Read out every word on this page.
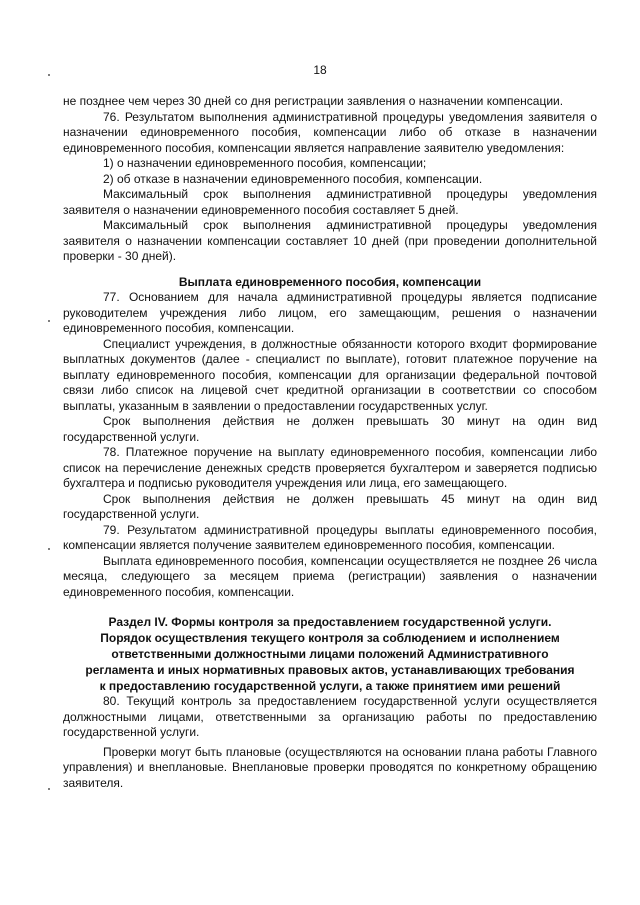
18

не позднее чем через 30 дней со дня регистрации заявления о назначении компенсации.

76. Результатом выполнения административной процедуры уведомления заявителя о назначении единовременного пособия, компенсации либо об отказе в назначении единовременного пособия, компенсации является направление заявителю уведомления:

1) о назначении единовременного пособия, компенсации;

2) об отказе в назначении единовременного пособия, компенсации.

Максимальный срок выполнения административной процедуры уведомления заявителя о назначении единовременного пособия составляет 5 дней.

Максимальный срок выполнения административной процедуры уведомления заявителя о назначении компенсации составляет 10 дней (при проведении дополнительной проверки - 30 дней).

Выплата единовременного пособия, компенсации

77. Основанием для начала административной процедуры является подписание руководителем учреждения либо лицом, его замещающим, решения о назначении единовременного пособия, компенсации.

Специалист учреждения, в должностные обязанности которого входит формирование выплатных документов (далее - специалист по выплате), готовит платежное поручение на выплату единовременного пособия, компенсации для организации федеральной почтовой связи либо список на лицевой счет кредитной организации в соответствии со способом выплаты, указанным в заявлении о предоставлении государственных услуг.

Срок выполнения действия не должен превышать 30 минут на один вид государственной услуги.

78. Платежное поручение на выплату единовременного пособия, компенсации либо список на перечисление денежных средств проверяется бухгалтером и заверяется подписью бухгалтера и подписью руководителя учреждения или лица, его замещающего.

Срок выполнения действия не должен превышать 45 минут на один вид государственной услуги.

79. Результатом административной процедуры выплаты единовременного пособия, компенсации является получение заявителем единовременного пособия, компенсации.

Выплата единовременного пособия, компенсации осуществляется не позднее 26 числа месяца, следующего за месяцем приема (регистрации) заявления о назначении единовременного пособия, компенсации.

Раздел IV. Формы контроля за предоставлением государственной услуги.
Порядок осуществления текущего контроля за соблюдением и исполнением
ответственными должностными лицами положений Административного
регламента и иных нормативных правовых актов, устанавливающих требования
к предоставлению государственной услуги, а также принятием ими решений

80. Текущий контроль за предоставлением государственной услуги осуществляется должностными лицами, ответственными за организацию работы по предоставлению государственной услуги.

Проверки могут быть плановые (осуществляются на основании плана работы Главного управления) и внеплановые. Внеплановые проверки проводятся по конкретному обращению заявителя.
